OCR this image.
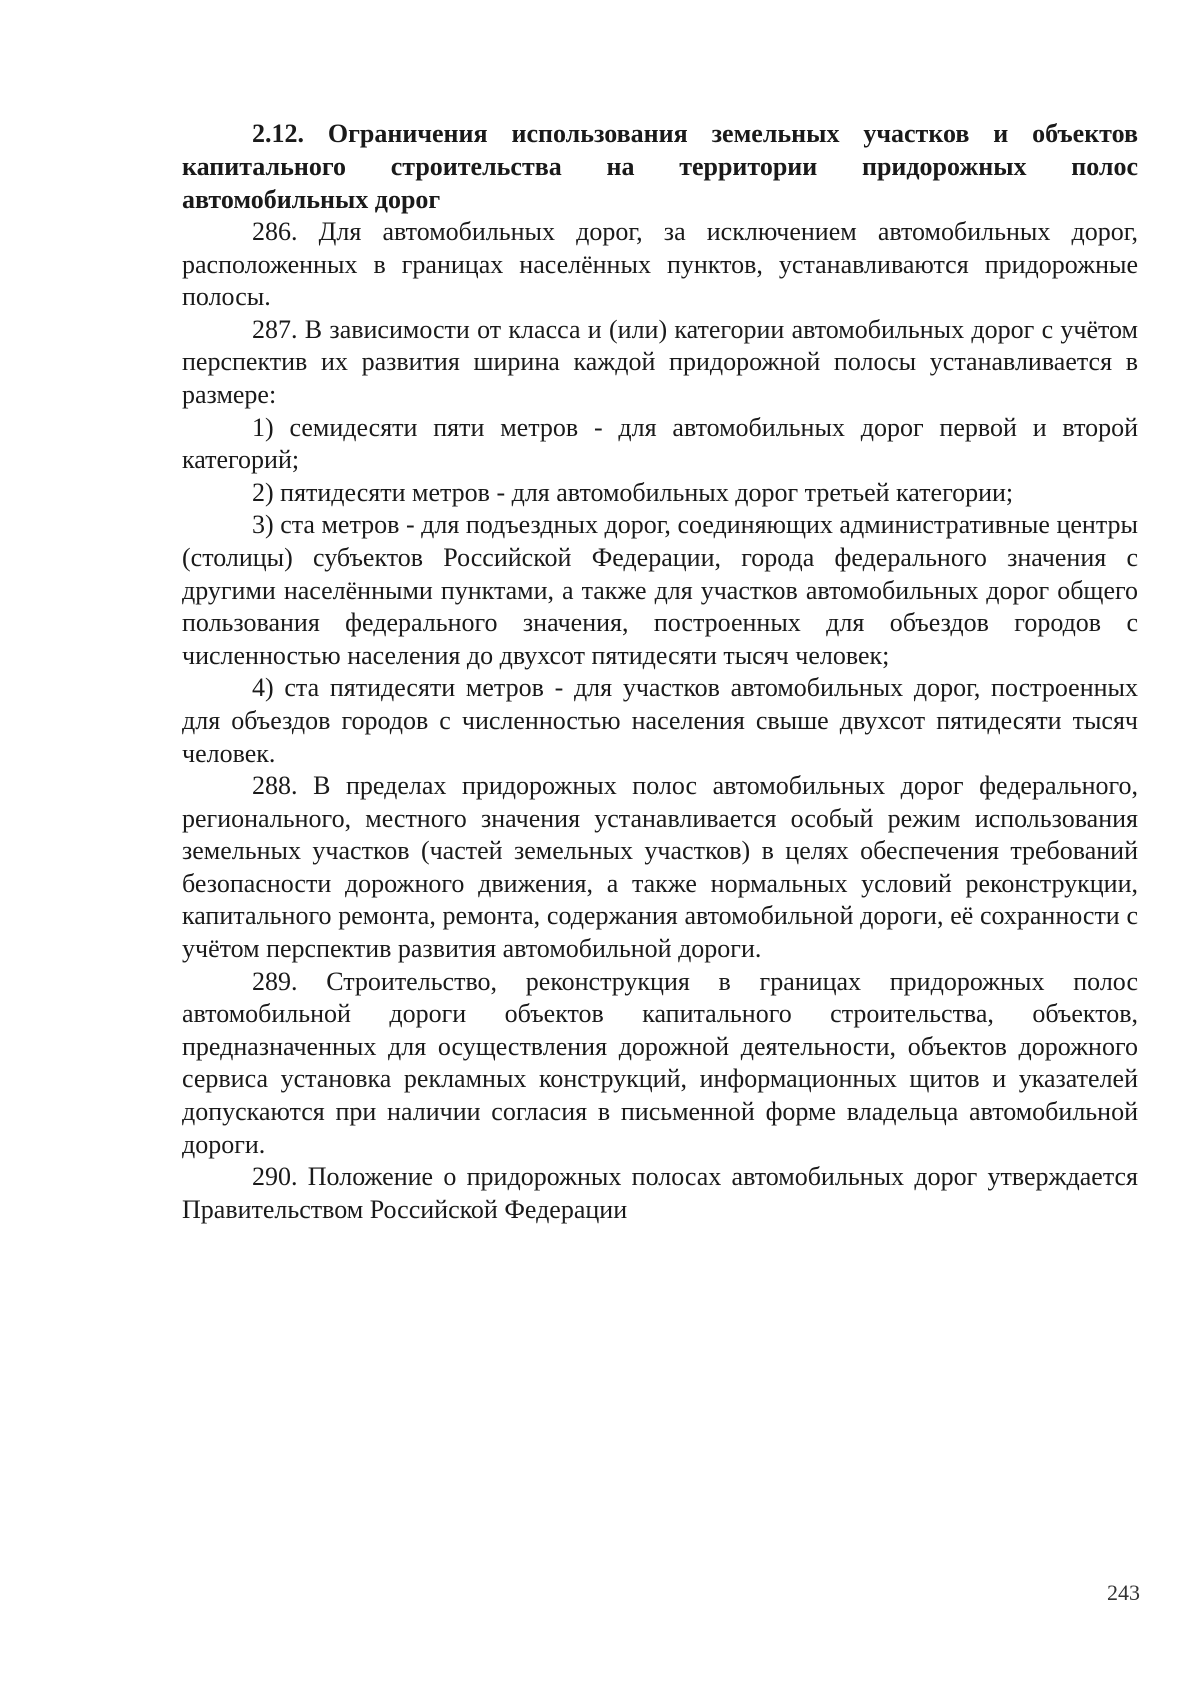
2.12. Ограничения использования земельных участков и объектов капитального строительства на территории придорожных полос автомобильных дорог

286. Для автомобильных дорог, за исключением автомобильных дорог, расположенных в границах населённых пунктов, устанавливаются придорожные полосы.

287. В зависимости от класса и (или) категории автомобильных дорог с учётом перспектив их развития ширина каждой придорожной полосы устанавливается в размере:

1) семидесяти пяти метров - для автомобильных дорог первой и второй категорий;

2) пятидесяти метров - для автомобильных дорог третьей категории;

3) ста метров - для подъездных дорог, соединяющих административные центры (столицы) субъектов Российской Федерации, города федерального значения с другими населёнными пунктами, а также для участков автомобильных дорог общего пользования федерального значения, построенных для объездов городов с численностью населения до двухсот пятидесяти тысяч человек;

4) ста пятидесяти метров - для участков автомобильных дорог, построенных для объездов городов с численностью населения свыше двухсот пятидесяти тысяч человек.

288. В пределах придорожных полос автомобильных дорог федерального, регионального, местного значения устанавливается особый режим использования земельных участков (частей земельных участков) в целях обеспечения требований безопасности дорожного движения, а также нормальных условий реконструкции, капитального ремонта, ремонта, содержания автомобильной дороги, её сохранности с учётом перспектив развития автомобильной дороги.

289. Строительство, реконструкция в границах придорожных полос автомобильной дороги объектов капитального строительства, объектов, предназначенных для осуществления дорожной деятельности, объектов дорожного сервиса установка рекламных конструкций, информационных щитов и указателей допускаются при наличии согласия в письменной форме владельца автомобильной дороги.

290. Положение о придорожных полосах автомобильных дорог утверждается Правительством Российской Федерации

243
